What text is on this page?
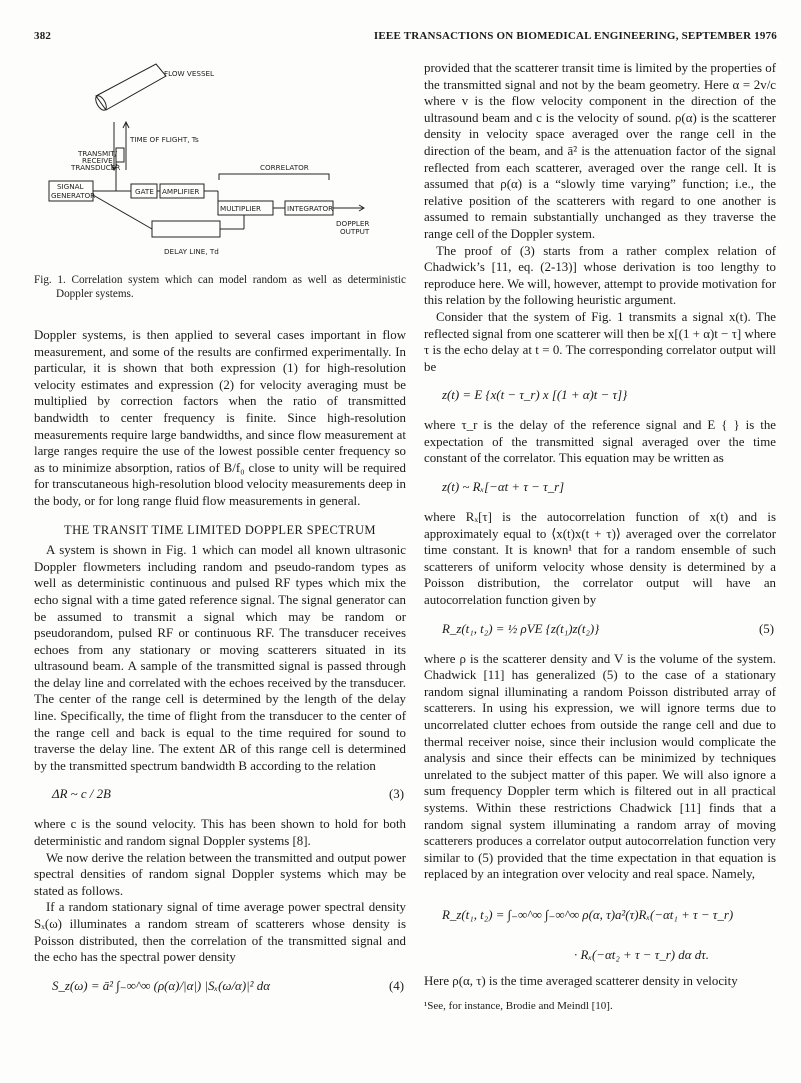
382	IEEE TRANSACTIONS ON BIOMEDICAL ENGINEERING, SEPTEMBER 1976
FLOW VESSEL
TIME OF FLIGHT, Ts
TRANSMIT/
RECEIVE
TRANSDUCER
SIGNAL
GENERATOR	GATE AMPLIFIER
CORRELATOR
MULTIPLIER	INTEGRATOR
DOPPLER
OUTPUT
DELAY LINE, Td

Fig. 1. Correlation system which can model random as well as deterministic Doppler systems.

Doppler systems, is then applied to several cases important in flow measurement, and some of the results are confirmed experimentally. In particular, it is shown that both expression (1) for high-resolution velocity estimates and expression (2) for velocity averaging must be multiplied by correction factors when the ratio of transmitted bandwidth to center frequency is finite. Since high-resolution measurements require large bandwidths, and since flow measurement at large ranges require the use of the lowest possible center frequency so as to minimize absorption, ratios of B/f₀ close to unity will be required for transcutaneous high-resolution blood velocity measurements deep in the body, or for long range fluid flow measurements in general.

THE TRANSIT TIME LIMITED DOPPLER SPECTRUM

A system is shown in Fig. 1 which can model all known ultrasonic Doppler flowmeters including random and pseudo-random types as well as deterministic continuous and pulsed RF types which mix the echo signal with a time gated reference signal. The signal generator can be assumed to transmit a signal which may be random or pseudorandom, pulsed RF or continuous RF. The transducer receives echoes from any stationary or moving scatterers situated in its ultrasound beam. A sample of the transmitted signal is passed through the delay line and correlated with the echoes received by the transducer. The center of the range cell is determined by the length of the delay line. Specifically, the time of flight from the transducer to the center of the range cell and back is equal to the time required for sound to traverse the delay line. The extent ΔR of this range cell is determined by the transmitted spectrum bandwidth B according to the relation

ΔR ~ c / 2B	(3)

where c is the sound velocity. This has been shown to hold for both deterministic and random signal Doppler systems [8].

We now derive the relation between the transmitted and output power spectral densities of random signal Doppler systems which may be stated as follows.

If a random stationary signal of time average power spectral density Sₓ(ω) illuminates a random stream of scatterers whose density is Poisson distributed, then the correlation of the transmitted signal and the echo has the spectral power density

S_z(ω) = ā² ∫₋∞^∞ (ρ(α)/|α|) |Sₓ(ω/α)|² dα	(4)

provided that the scatterer transit time is limited by the properties of the transmitted signal and not by the beam geometry. Here α = 2v/c where v is the flow velocity component in the direction of the ultrasound beam and c is the velocity of sound. ρ(α) is the scatterer density in velocity space averaged over the range cell in the direction of the beam, and ā² is the attenuation factor of the signal reflected from each scatterer, averaged over the range cell. It is assumed that ρ(α) is a “slowly time varying” function; i.e., the relative position of the scatterers with regard to one another is assumed to remain substantially unchanged as they traverse the range cell of the Doppler system.

The proof of (3) starts from a rather complex relation of Chadwick’s [11, eq. (2-13)] whose derivation is too lengthy to reproduce here. We will, however, attempt to provide motivation for this relation by the following heuristic argument.

Consider that the system of Fig. 1 transmits a signal x(t). The reflected signal from one scatterer will then be x[(1 + α)t − τ] where τ is the echo delay at t = 0. The corresponding correlator output will be

z(t) = E {x(t − τ_r) x [(1 + α)t − τ]}

where τ_r is the delay of the reference signal and E { } is the expectation of the transmitted signal averaged over the time constant of the correlator. This equation may be written as

z(t) ~ Rₓ[−αt + τ − τ_r]

where Rₓ[τ] is the autocorrelation function of x(t) and is approximately equal to ⟨x(t)x(t + τ)⟩ averaged over the correlator time constant. It is known¹ that for a random ensemble of such scatterers of uniform velocity whose density is determined by a Poisson distribution, the correlator output will have an autocorrelation function given by

R_z(t₁, t₂) = ½ ρVE {z(t₁)z(t₂)}	(5)

where ρ is the scatterer density and V is the volume of the system. Chadwick [11] has generalized (5) to the case of a stationary random signal illuminating a random Poisson distributed array of scatterers. In using his expression, we will ignore terms due to uncorrelated clutter echoes from outside the range cell and due to thermal receiver noise, since their inclusion would complicate the analysis and since their effects can be minimized by techniques unrelated to the subject matter of this paper. We will also ignore a sum frequency Doppler term which is filtered out in all practical systems. Within these restrictions Chadwick [11] finds that a random signal system illuminating a random array of moving scatterers produces a correlator output autocorrelation function very similar to (5) provided that the time expectation in that equation is replaced by an integration over velocity and real space. Namely,

R_z(t₁, t₂) = ∫₋∞^∞ ∫₋∞^∞ ρ(α, τ)a²(τ)Rₓ(−αt₁ + τ − τ_r)
· Rₓ(−αt₂ + τ − τ_r) dα dτ.

Here ρ(α, τ) is the time averaged scatterer density in velocity

¹See, for instance, Brodie and Meindl [10].
